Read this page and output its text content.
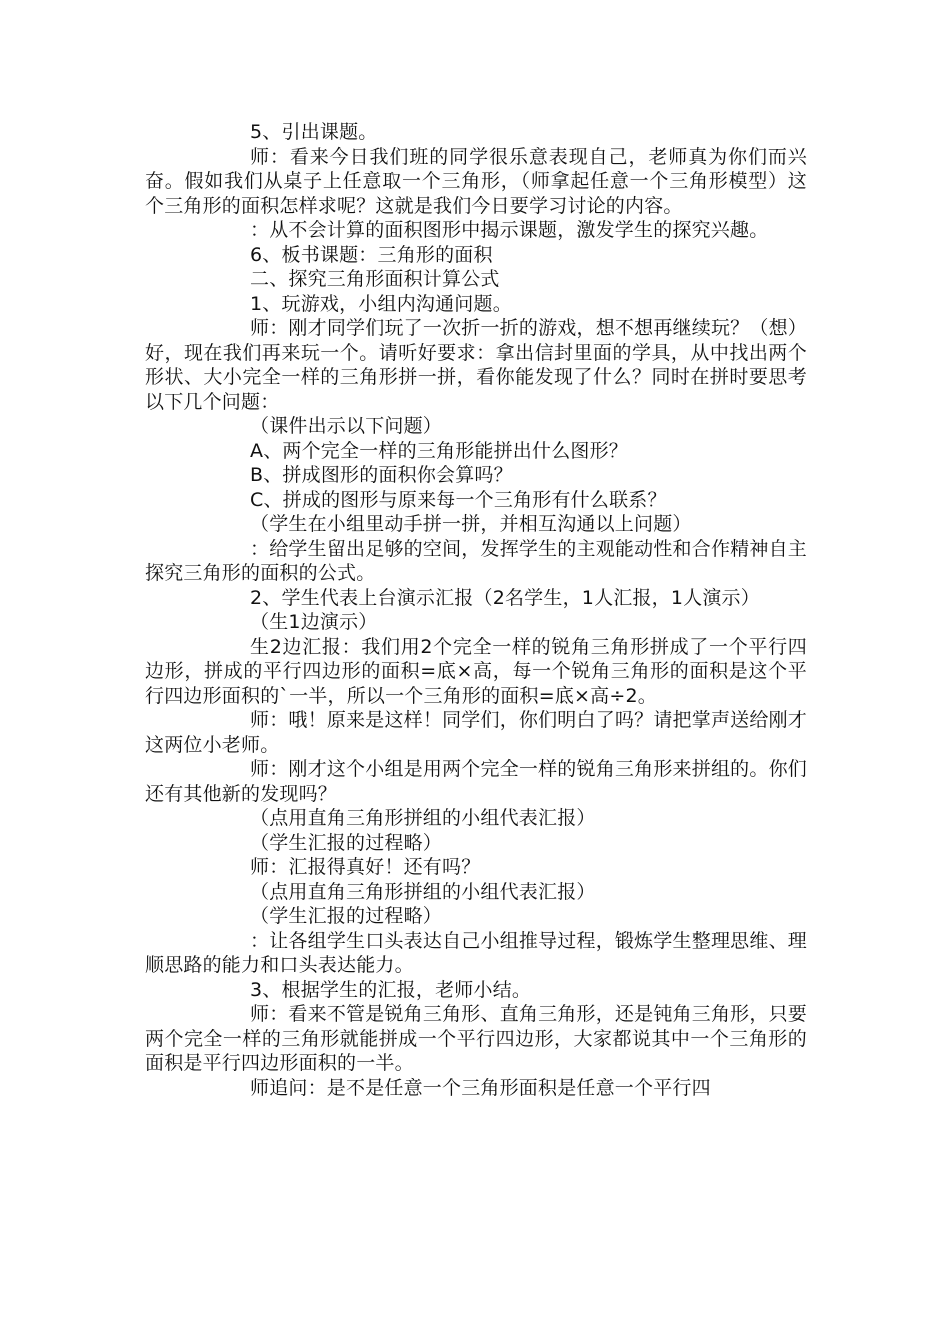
5、引出课题。

师：看来今日我们班的同学很乐意表现自己，老师真为你们而兴奋。假如我们从桌子上任意取一个三角形，（师拿起任意一个三角形模型）这个三角形的面积怎样求呢？这就是我们今日要学习讨论的内容。

：从不会计算的面积图形中揭示课题，激发学生的探究兴趣。

6、板书课题：三角形的面积

二、探究三角形面积计算公式

1、玩游戏，小组内沟通问题。

师：刚才同学们玩了一次折一折的游戏，想不想再继续玩？（想）好，现在我们再来玩一个。请听好要求：拿出信封里面的学具，从中找出两个形状、大小完全一样的三角形拼一拼，看你能发现了什么？同时在拼时要思考以下几个问题：

（课件出示以下问题）

A、两个完全一样的三角形能拼出什么图形？

B、拼成图形的面积你会算吗？

C、拼成的图形与原来每一个三角形有什么联系？

（学生在小组里动手拼一拼，并相互沟通以上问题）

：给学生留出足够的空间，发挥学生的主观能动性和合作精神自主探究三角形的面积的公式。

2、学生代表上台演示汇报（2名学生，1人汇报，1人演示）

（生1边演示）

生2边汇报：我们用2个完全一样的锐角三角形拼成了一个平行四边形，拼成的平行四边形的面积=底×高，每一个锐角三角形的面积是这个平行四边形面积的`一半，所以一个三角形的面积=底×高÷2。

师：哦！原来是这样！同学们，你们明白了吗？请把掌声送给刚才这两位小老师。

师：刚才这个小组是用两个完全一样的锐角三角形来拼组的。你们还有其他新的发现吗？

（点用直角三角形拼组的小组代表汇报）

（学生汇报的过程略）

师：汇报得真好！还有吗？

（点用直角三角形拼组的小组代表汇报）

（学生汇报的过程略）

：让各组学生口头表达自己小组推导过程，锻炼学生整理思维、理顺思路的能力和口头表达能力。

3、根据学生的汇报，老师小结。

师：看来不管是锐角三角形、直角三角形，还是钝角三角形，只要两个完全一样的三角形就能拼成一个平行四边形，大家都说其中一个三角形的面积是平行四边形面积的一半。

师追问：是不是任意一个三角形面积是任意一个平行四
